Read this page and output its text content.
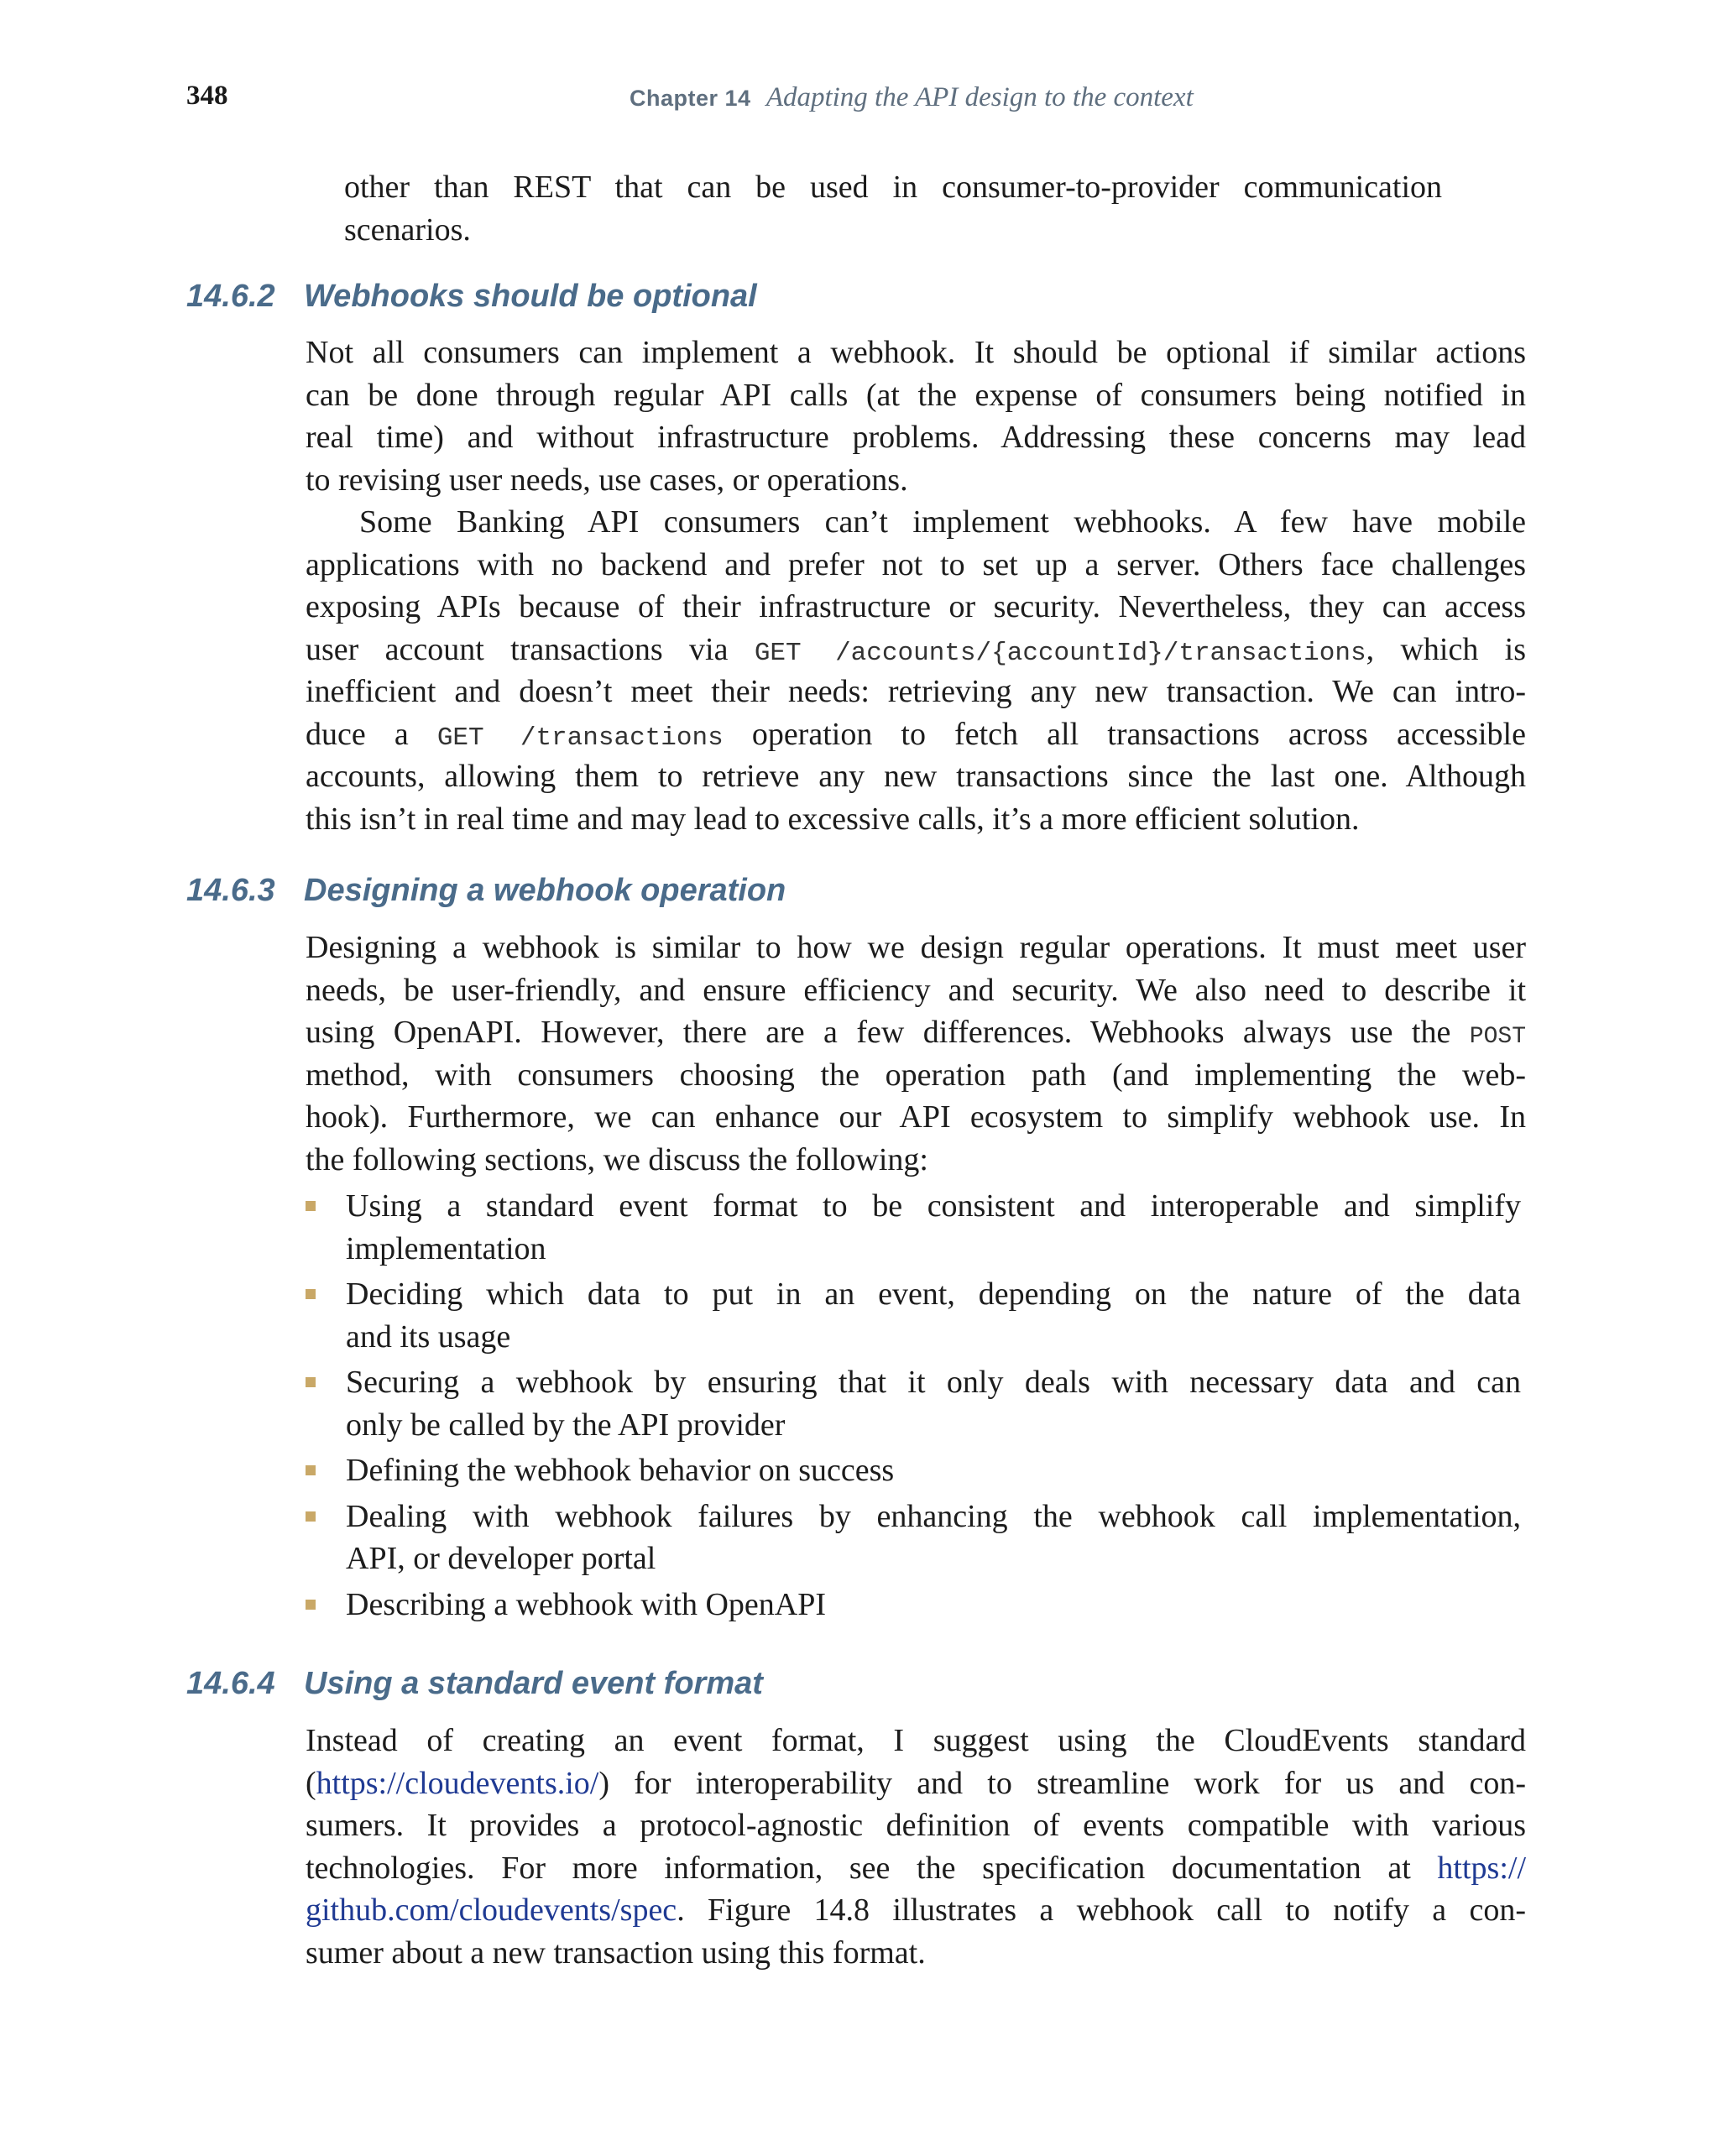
348	Chapter 14 Adapting the API design to the context
other than REST that can be used in consumer-to-provider communication
scenarios.
14.6.2 Webhooks should be optional
Not all consumers can implement a webhook. It should be optional if similar actions
can be done through regular API calls (at the expense of consumers being notified in
real time) and without infrastructure problems. Addressing these concerns may lead
to revising user needs, use cases, or operations.
Some Banking API consumers can’t implement webhooks. A few have mobile
applications with no backend and prefer not to set up a server. Others face challenges
exposing APIs because of their infrastructure or security. Nevertheless, they can access
user account transactions via GET /accounts/{accountId}/transactions, which is
inefficient and doesn’t meet their needs: retrieving any new transaction. We can intro-
duce a GET /transactions operation to fetch all transactions across accessible
accounts, allowing them to retrieve any new transactions since the last one. Although
this isn’t in real time and may lead to excessive calls, it’s a more efficient solution.
14.6.3 Designing a webhook operation
Designing a webhook is similar to how we design regular operations. It must meet user
needs, be user-friendly, and ensure efficiency and security. We also need to describe it
using OpenAPI. However, there are a few differences. Webhooks always use the POST
method, with consumers choosing the operation path (and implementing the web-
hook). Furthermore, we can enhance our API ecosystem to simplify webhook use. In
the following sections, we discuss the following:
Using a standard event format to be consistent and interoperable and simplify
implementation
Deciding which data to put in an event, depending on the nature of the data
and its usage
Securing a webhook by ensuring that it only deals with necessary data and can
only be called by the API provider
Defining the webhook behavior on success
Dealing with webhook failures by enhancing the webhook call implementation,
API, or developer portal
Describing a webhook with OpenAPI
14.6.4 Using a standard event format
Instead of creating an event format, I suggest using the CloudEvents standard
(https://cloudevents.io/) for interoperability and to streamline work for us and con-
sumers. It provides a protocol-agnostic definition of events compatible with various
technologies. For more information, see the specification documentation at https://
github.com/cloudevents/spec. Figure 14.8 illustrates a webhook call to notify a con-
sumer about a new transaction using this format.
